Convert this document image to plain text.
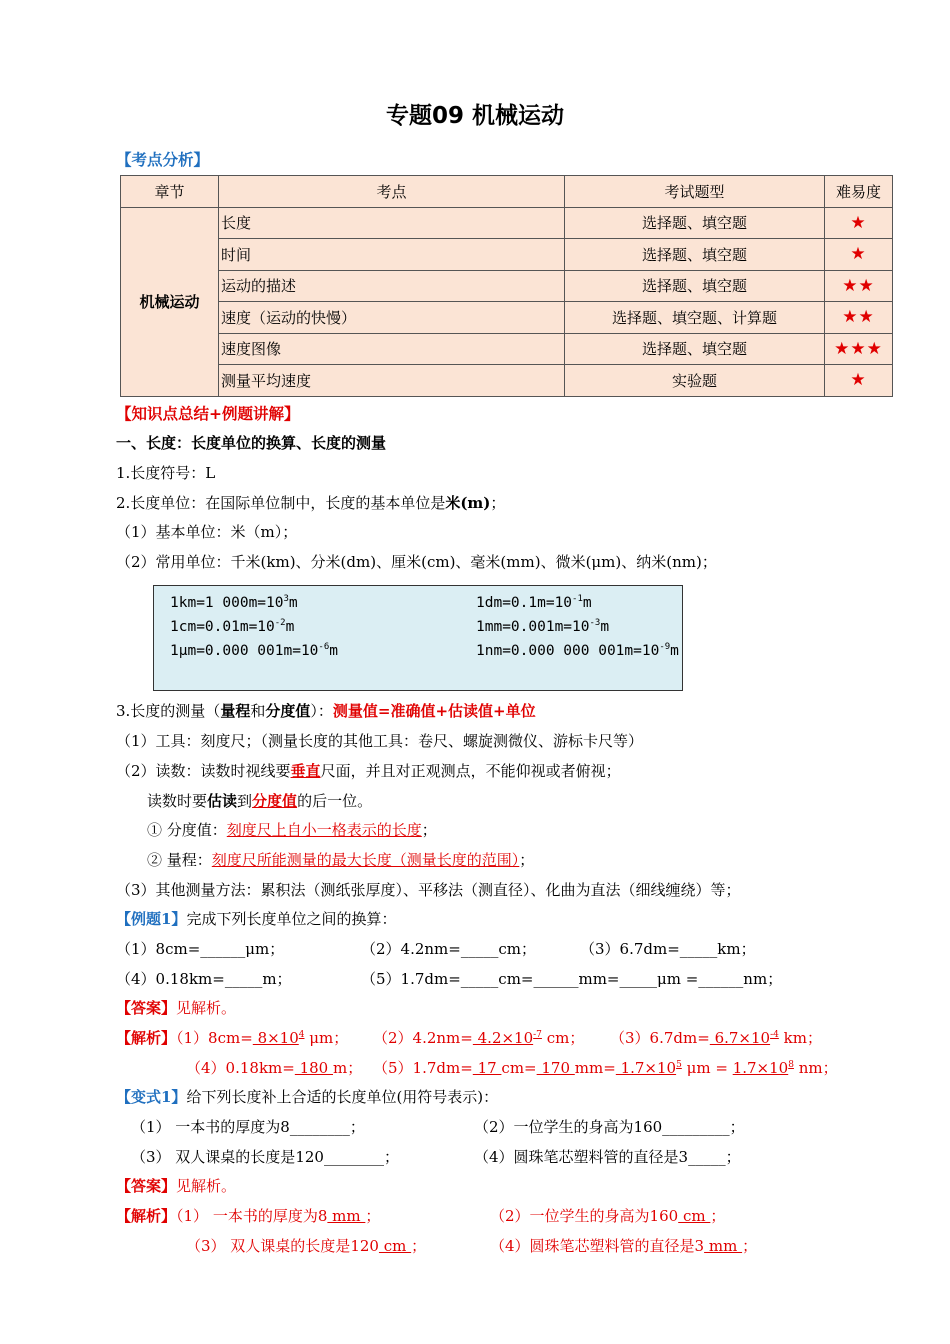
专题09 机械运动
【考点分析】
章节	考点	考试题型	难易度
机械运动	长度	选择题、填空题	★
	时间	选择题、填空题	★
	运动的描述	选择题、填空题	★★
	速度（运动的快慢）	选择题、填空题、计算题	★★
	速度图像	选择题、填空题	★★★
	测量平均速度	实验题	★
【知识点总结+例题讲解】
一、长度：长度单位的换算、长度的测量
1.长度符号：L
2.长度单位：在国际单位制中，长度的基本单位是米(m)；
（1）基本单位：米（m）；
（2）常用单位：千米(km)、分米(dm)、厘米(cm)、毫米(mm)、微米(μm)、纳米(nm)；
1km=1 $000m=10^3m$	$1dm=0.1m=10^{-1}m$
$1cm=0.01m=10^{-2}m$	$1mm=0.001m=10^{-3}m$
1μm=0.000 $001m=10^{-6}m$	1nm=0.000 000 $001m=10^{-9}m$
3.长度的测量（量程和分度值）：测量值=准确值+估读值+单位
（1）工具：刻度尺；（测量长度的其他工具：卷尺、螺旋测微仪、游标卡尺等）
（2）读数：读数时视线要垂直尺面，并且对正观测点，不能仰视或者俯视；
读数时要估读到分度值的后一位。
① 分度值：刻度尺上自小一格表示的长度；
② 量程：刻度尺所能测量的最大长度（测量长度的范围）；
（3）其他测量方法：累积法（测纸张厚度）、平移法（测直径）、化曲为直法（细线缠绕）等；
【例题1】完成下列长度单位之间的换算：
（1）8cm=______μm；	（2）4.2nm=_____cm；	（3）6.7dm=_____km；
（4）0.18km=_____m；	（5）1.7dm=_____cm=______mm=_____μm =______nm；
【答案】见解析。
【解析】$(1)8cm= 8\times 10^4$ μm； $(2)4.2nm= 4.2\times 10^{-7}$ cm； $(3)6.7dm= 6.7\times 10^{-4}$ km；
（4）0.18km= 180 m； （5）1.7dm= 17 cm= 170 $mm= 1.7\times 10^5$ $\mu m = 1.7\times 10^8$ nm；
【变式1】给下列长度补上合适的长度单位(用符号表示)：
（1） 一本书的厚度为8________；	（2）一位学生的身高为160_________；
（3） 双人课桌的长度是120________；	（4）圆珠笔芯塑料管的直径是3_____；
【答案】见解析。
【解析】（1） 一本书的厚度为8 mm ；	（2）一位学生的身高为160 cm ；
（3） 双人课桌的长度是120 cm ；	（4）圆珠笔芯塑料管的直径是3 mm ；
